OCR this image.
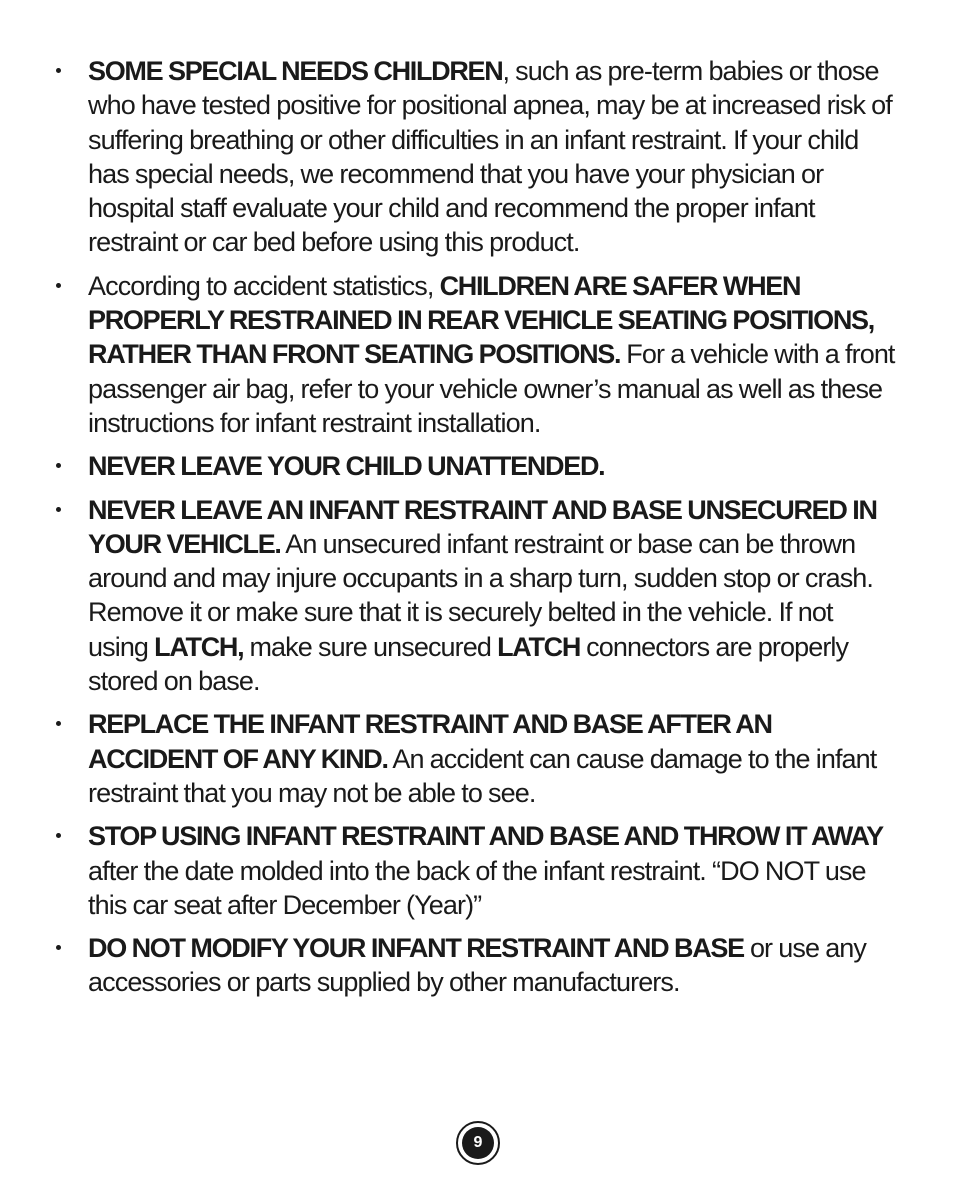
SOME SPECIAL NEEDS CHILDREN, such as pre-term babies or those who have tested positive for positional apnea, may be at increased risk of suffering breathing or other difficulties in an infant restraint. If your child has special needs, we recommend that you have your physician or hospital staff evaluate your child and recommend the proper infant restraint or car bed before using this product.
According to accident statistics, CHILDREN ARE SAFER WHEN PROPERLY RESTRAINED IN REAR VEHICLE SEATING POSITIONS, RATHER THAN FRONT SEATING POSITIONS. For a vehicle with a front passenger air bag, refer to your vehicle owner’s manual as well as these instructions for infant restraint installation.
NEVER LEAVE YOUR CHILD UNATTENDED.
NEVER LEAVE AN INFANT RESTRAINT AND BASE UNSECURED IN YOUR VEHICLE. An unsecured infant restraint or base can be thrown around and may injure occupants in a sharp turn, sudden stop or crash. Remove it or make sure that it is securely belted in the vehicle. If not using LATCH, make sure unsecured LATCH connectors are properly stored on base.
REPLACE THE INFANT RESTRAINT AND BASE AFTER AN ACCIDENT OF ANY KIND. An accident can cause damage to the infant restraint that you may not be able to see.
STOP USING INFANT RESTRAINT AND BASE AND THROW IT AWAY after the date molded into the back of the infant restraint. “DO NOT use this car seat after December (Year)”
DO NOT MODIFY YOUR INFANT RESTRAINT AND BASE or use any accessories or parts supplied by other manufacturers.
9
